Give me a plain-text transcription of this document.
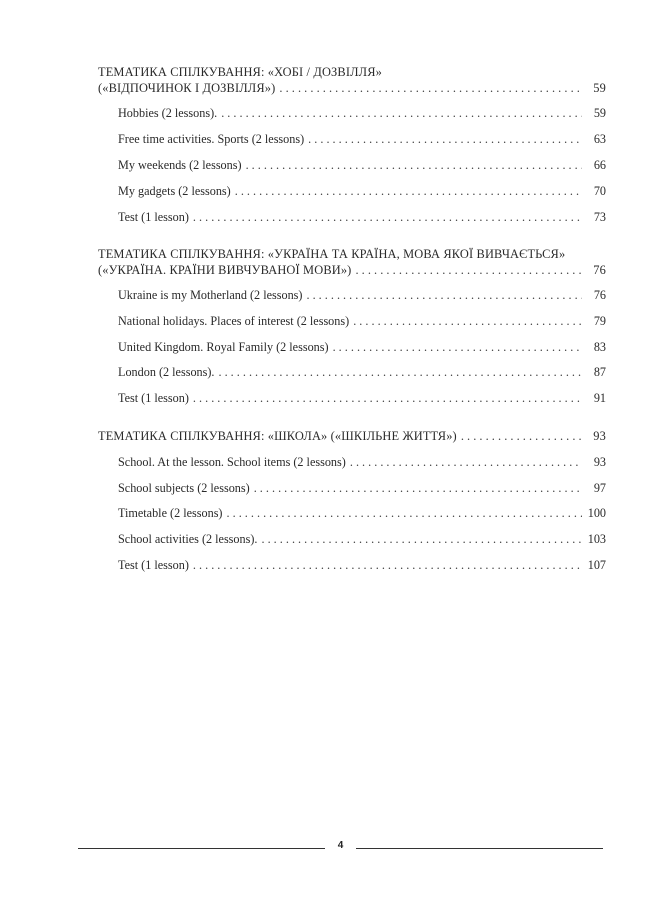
ТЕМАТИКА СПІЛКУВАННЯ: «ХОБІ / ДОЗВІЛЛЯ»
(«ВІДПОЧИНОК І ДОЗВІЛЛЯ») . . .	59
Hobbies (2 lessons). . . .	59
Free time activities. Sports (2 lessons) . . .	63
My weekends (2 lessons) . . .	66
My gadgets (2 lessons) . . .	70
Test (1 lesson) . . .	73
ТЕМАТИКА СПІЛКУВАННЯ: «УКРАЇНА ТА КРАЇНА, МОВА ЯКОЇ ВИВЧАЄТЬСЯ»
(«УКРАЇНА. КРАЇНИ ВИВЧУВАНОЇ МОВИ») . . .	76
Ukraine is my Motherland (2 lessons) . . .	76
National holidays. Places of interest (2 lessons) . . .	79
United Kingdom. Royal Family (2 lessons) . . .	83
London (2 lessons). . . .	87
Test (1 lesson) . . .	91
ТЕМАТИКА СПІЛКУВАННЯ: «ШКОЛА» («ШКІЛЬНЕ ЖИТТЯ») . . .	93
School. At the lesson. School items (2 lessons) . . .	93
School subjects (2 lessons) . . .	97
Timetable (2 lessons) . . .	100
School activities (2 lessons). . . .	103
Test (1 lesson) . . .	107
4
